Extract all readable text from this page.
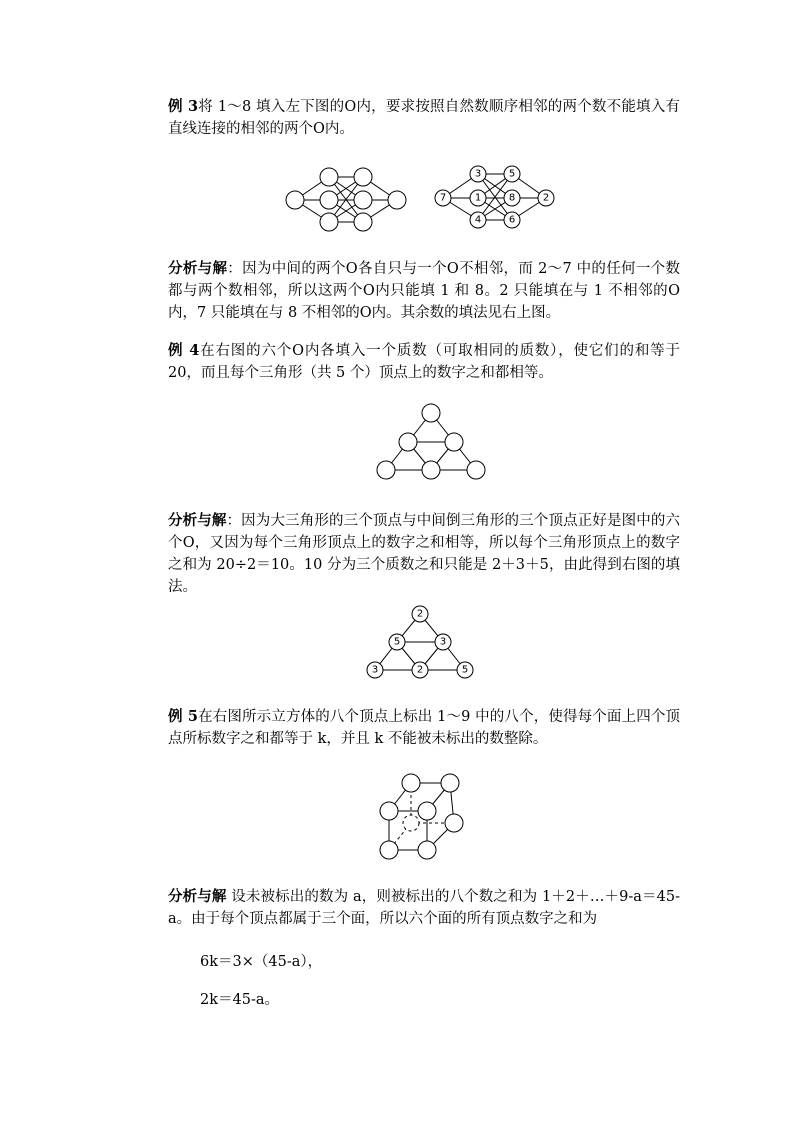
例 3将 1～8 填入左下图的O内，要求按照自然数顺序相邻的两个数不能填入有直线连接的相邻的两个O内。

7
3
1
4
5
8
6
2

分析与解：因为中间的两个O各自只与一个O不相邻，而 2～7 中的任何一个数都与两个数相邻，所以这两个O内只能填 1 和 8。2 只能填在与 1 不相邻的O内，7 只能填在与 8 不相邻的O内。其余数的填法见右上图。

例 4在右图的六个O内各填入一个质数（可取相同的质数），使它们的和等于 20，而且每个三角形（共 5 个）顶点上的数字之和都相等。

分析与解：因为大三角形的三个顶点与中间倒三角形的三个顶点正好是图中的六个O，又因为每个三角形顶点上的数字之和相等，所以每个三角形顶点上的数字之和为 20÷2＝10。10 分为三个质数之和只能是 2＋3＋5，由此得到右图的填法。

2
5	3
3	2	5

例 5在右图所示立方体的八个顶点上标出 1～9 中的八个，使得每个面上四个顶点所标数字之和都等于 k，并且 k 不能被未标出的数整除。

分析与解 设未被标出的数为 a，则被标出的八个数之和为 1＋2＋…＋9-a＝45-a。由于每个顶点都属于三个面，所以六个面的所有顶点数字之和为

6k＝3×（45-a），

2k＝45-a。
